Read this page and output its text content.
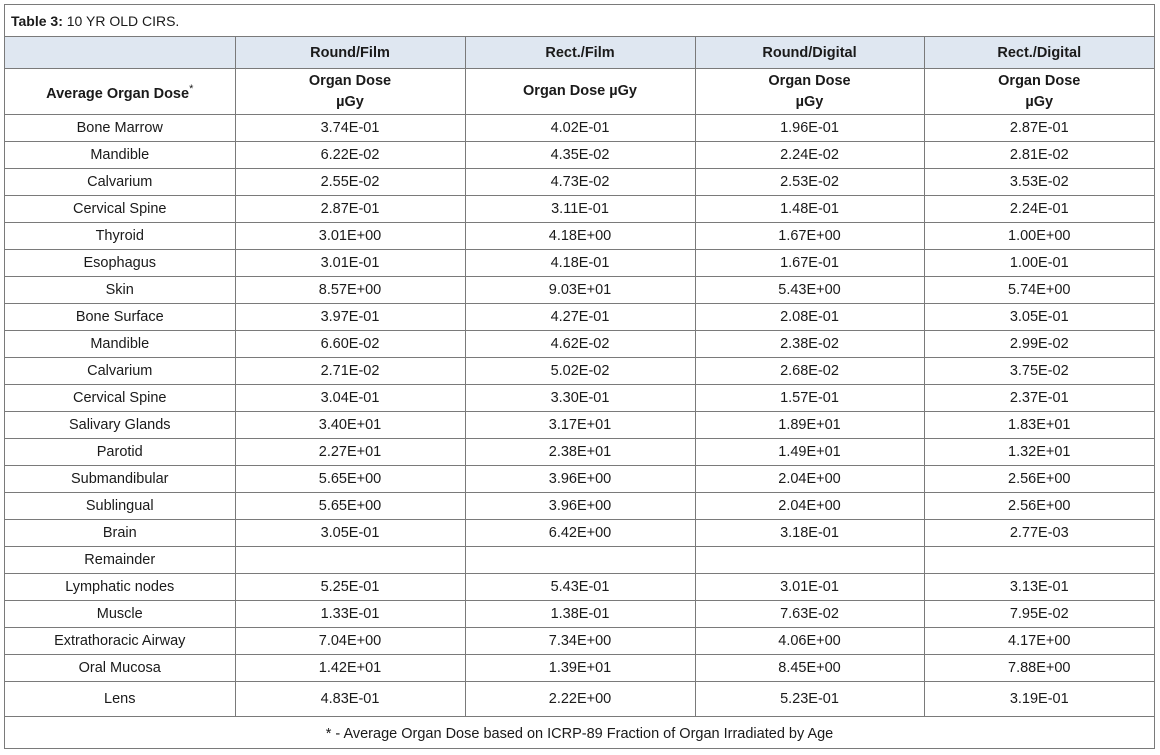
Table 3: 10 YR OLD CIRS.
	Round/Film	Rect./Film	Round/Digital	Rect./Digital
Average Organ Dose*	Organ Dose µGy	Organ Dose µGy	Organ Dose µGy	Organ Dose µGy

Bone Marrow	3.74E-01	4.02E-01	1.96E-01	2.87E-01
Mandible	6.22E-02	4.35E-02	2.24E-02	2.81E-02
Calvarium	2.55E-02	4.73E-02	2.53E-02	3.53E-02
Cervical Spine	2.87E-01	3.11E-01	1.48E-01	2.24E-01
Thyroid	3.01E+00	4.18E+00	1.67E+00	1.00E+00
Esophagus	3.01E-01	4.18E-01	1.67E-01	1.00E-01
Skin	8.57E+00	9.03E+01	5.43E+00	5.74E+00
Bone Surface	3.97E-01	4.27E-01	2.08E-01	3.05E-01
Mandible	6.60E-02	4.62E-02	2.38E-02	2.99E-02
Calvarium	2.71E-02	5.02E-02	2.68E-02	3.75E-02
Cervical Spine	3.04E-01	3.30E-01	1.57E-01	2.37E-01
Salivary Glands	3.40E+01	3.17E+01	1.89E+01	1.83E+01
Parotid	2.27E+01	2.38E+01	1.49E+01	1.32E+01
Submandibular	5.65E+00	3.96E+00	2.04E+00	2.56E+00
Sublingual	5.65E+00	3.96E+00	2.04E+00	2.56E+00
Brain	3.05E-01	6.42E+00	3.18E-01	2.77E-03
Remainder				
Lymphatic nodes	5.25E-01	5.43E-01	3.01E-01	3.13E-01
Muscle	1.33E-01	1.38E-01	7.63E-02	7.95E-02
Extrathoracic Airway	7.04E+00	7.34E+00	4.06E+00	4.17E+00
Oral Mucosa	1.42E+01	1.39E+01	8.45E+00	7.88E+00
Lens	4.83E-01	2.22E+00	5.23E-01	3.19E-01
* - Average Organ Dose based on ICRP-89 Fraction of Organ Irradiated by Age				
